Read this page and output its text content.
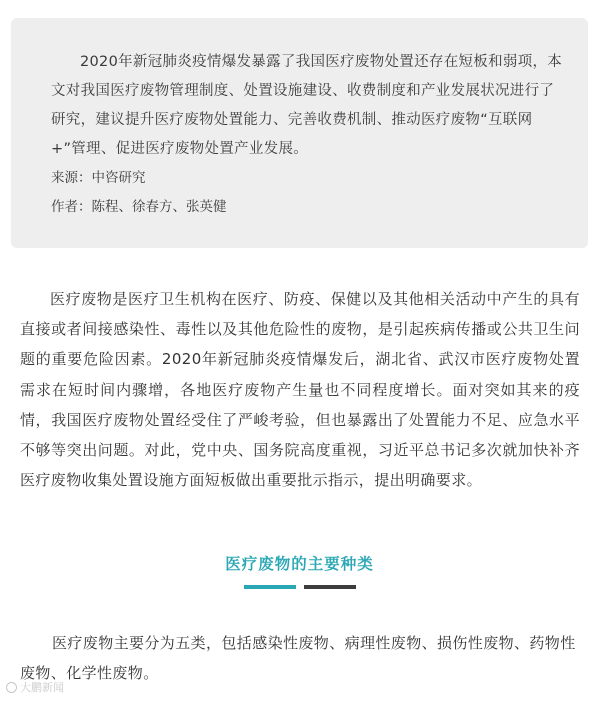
2020年新冠肺炎疫情爆发暴露了我国医疗废物处置还存在短板和弱项，本文对我国医疗废物管理制度、处置设施建设、收费制度和产业发展状况进行了研究，建议提升医疗废物处置能力、完善收费机制、推动医疗废物“互联网+”管理、促进医疗废物处置产业发展。

来源：中咨研究

作者：陈程、徐春方、张英健

医疗废物是医疗卫生机构在医疗、防疫、保健以及其他相关活动中产生的具有直接或者间接感染性、毒性以及其他危险性的废物，是引起疾病传播或公共卫生问题的重要危险因素。2020年新冠肺炎疫情爆发后，湖北省、武汉市医疗废物处置需求在短时间内骤增，各地医疗废物产生量也不同程度增长。面对突如其来的疫情，我国医疗废物处置经受住了严峻考验，但也暴露出了处置能力不足、应急水平不够等突出问题。对此，党中央、国务院高度重视，习近平总书记多次就加快补齐医疗废物收集处置设施方面短板做出重要批示指示，提出明确要求。

医疗废物的主要种类

医疗废物主要分为五类，包括感染性废物、病理性废物、损伤性废物、药物性废物、化学性废物。

大鹏新闻
